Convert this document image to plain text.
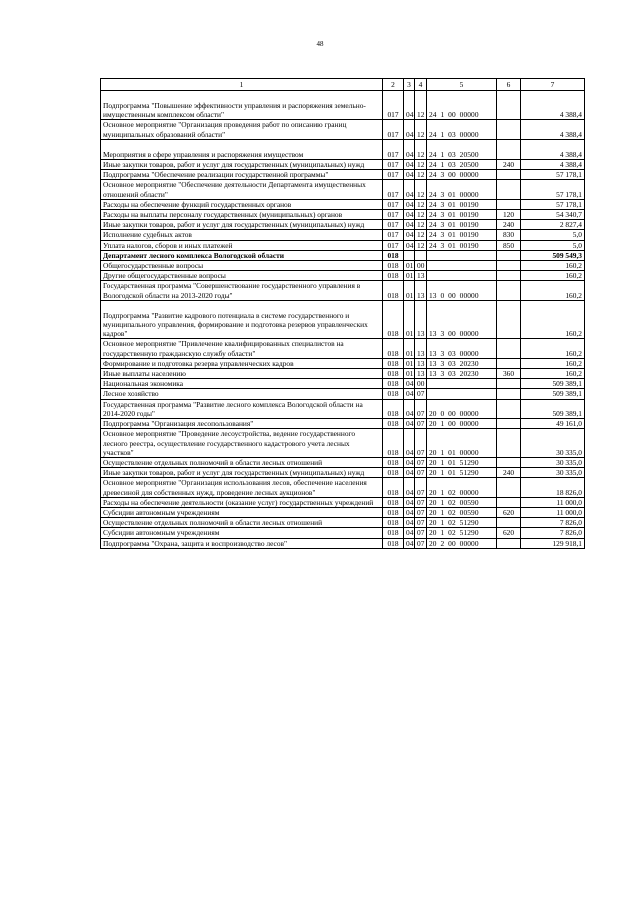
48
1	2	3	4	5	6	7
Подпрограмма "Повышение эффективности управления и распоряжения земельно-имущественным комплексом области"	017	04	12	24  1  00  00000		4 388,4
Основное мероприятие "Организация проведения работ по описанию границ муниципальных образований области"	017	04	12	24  1  03  00000		4 388,4
Мероприятия в сфере управления и распоряжения имуществом	017	04	12	24  1  03  20500		4 388,4
Иные закупки товаров, работ и услуг для государственных (муниципальных) нужд	017	04	12	24  1  03  20500	240	4 388,4
Подпрограмма "Обеспечение реализации государственной программы"	017	04	12	24  3  00  00000		57 178,1
Основное мероприятие "Обеспечение деятельности Департамента имущественных отношений области"	017	04	12	24  3  01  00000		57 178,1
Расходы на обеспечение функций государственных органов	017	04	12	24  3  01  00190		57 178,1
Расходы на выплаты персоналу государственных (муниципальных) органов	017	04	12	24  3  01  00190	120	54 340,7
Иные закупки товаров, работ и услуг для государственных (муниципальных) нужд	017	04	12	24  3  01  00190	240	2 827,4
Исполнение судебных актов	017	04	12	24  3  01  00190	830	5,0
Уплата налогов, сборов и иных платежей	017	04	12	24  3  01  00190	850	5,0
Департамент лесного комплекса Вологодской области	018					509 549,3
Общегосударственные вопросы	018	01	00			160,2
Другие общегосударственные вопросы	018	01	13			160,2
Государственная программа "Совершенствование государственного управления в Вологодской области на 2013-2020 годы"	018	01	13	13  0  00  00000		160,2
Подпрограмма "Развитие кадрового потенциала в системе государственного и муниципального управления, формирование и подготовка резервов управленческих кадров"	018	01	13	13  3  00  00000		160,2
Основное мероприятие "Привлечение квалифицированных специалистов на государственную гражданскую службу области"	018	01	13	13  3  03  00000		160,2
Формирование и подготовка резерва управленческих кадров	018	01	13	13  3  03  20230		160,2
Иные выплаты населению	018	01	13	13  3  03  20230	360	160,2
Национальная экономика	018	04	00			509 389,1
Лесное хозяйство	018	04	07			509 389,1
Государственная программа "Развитие лесного комплекса Вологодской области на 2014-2020 годы"	018	04	07	20  0  00  00000		509 389,1
Подпрограмма "Организация лесопользования"	018	04	07	20  1  00  00000		49 161,0
Основное мероприятие "Проведение лесоустройства, ведение государственного лесного реестра, осуществление государственного кадастрового учета лесных участков"	018	04	07	20  1  01  00000		30 335,0
Осуществление отдельных полномочий в области лесных отношений	018	04	07	20  1  01  51290		30 335,0
Иные закупки товаров, работ и услуг для государственных (муниципальных) нужд	018	04	07	20  1  01  51290	240	30 335,0
Основное мероприятие "Организация использования лесов, обеспечение населения древесиной для собственных нужд, проведение лесных аукционов"	018	04	07	20  1  02  00000		18 826,0
Расходы на обеспечение деятельности (оказание услуг) государственных учреждений	018	04	07	20  1  02  00590		11 000,0
Субсидии автономным учреждениям	018	04	07	20  1  02  00590	620	11 000,0
Осуществление отдельных полномочий в области лесных отношений	018	04	07	20  1  02  51290		7 826,0
Субсидии автономным учреждениям	018	04	07	20  1  02  51290	620	7 826,0
Подпрограмма "Охрана, защита и воспроизводство лесов"	018	04	07	20  2  00  00000		129 918,1
